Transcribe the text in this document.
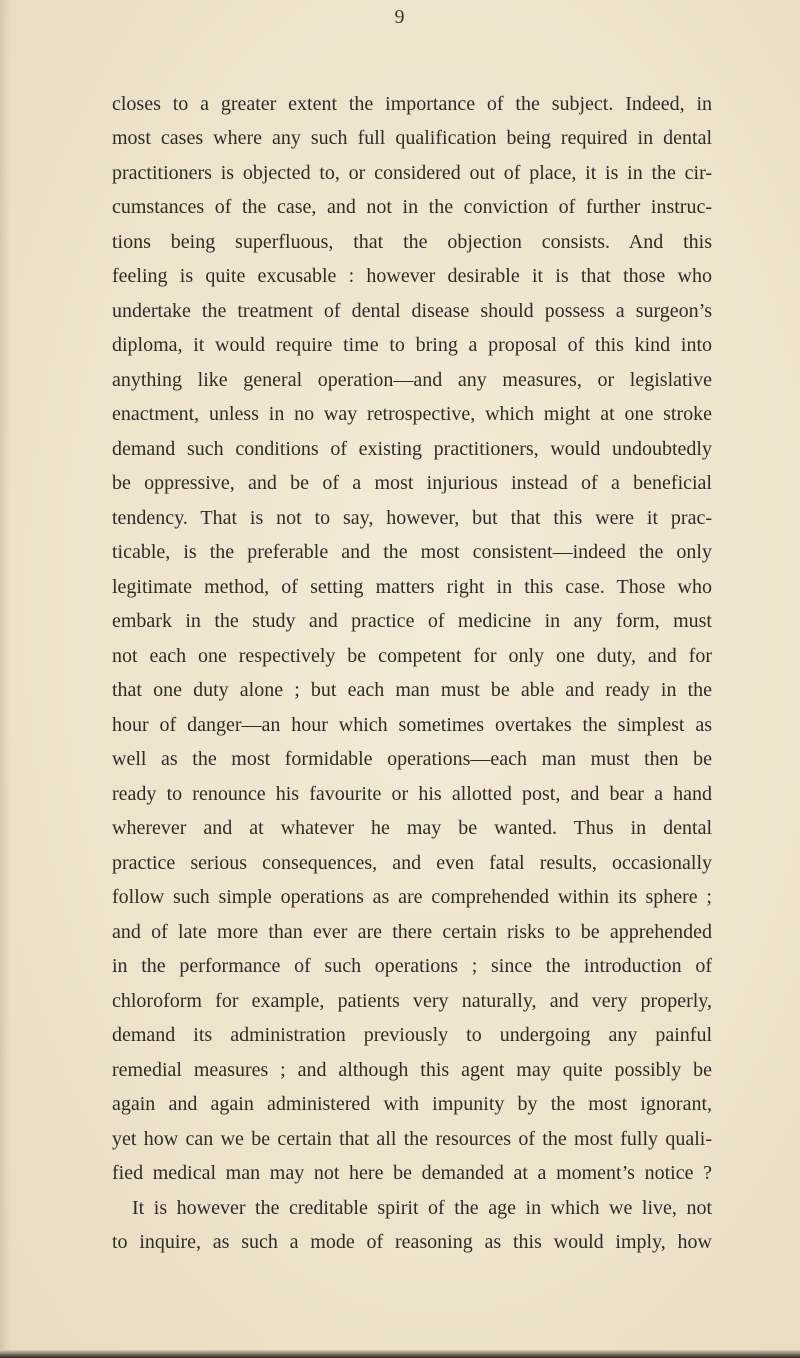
9
closes to a greater extent the importance of the subject. Indeed, in
most cases where any such full qualification being required in dental
practitioners is objected to, or considered out of place, it is in the cir-
cumstances of the case, and not in the conviction of further instruc-
tions being superfluous, that the objection consists. And this
feeling is quite excusable : however desirable it is that those who
undertake the treatment of dental disease should possess a surgeon’s
diploma, it would require time to bring a proposal of this kind into
anything like general operation—and any measures, or legislative
enactment, unless in no way retrospective, which might at one stroke
demand such conditions of existing practitioners, would undoubtedly
be oppressive, and be of a most injurious instead of a beneficial
tendency. That is not to say, however, but that this were it prac-
ticable, is the preferable and the most consistent—indeed the only
legitimate method, of setting matters right in this case. Those who
embark in the study and practice of medicine in any form, must
not each one respectively be competent for only one duty, and for
that one duty alone ; but each man must be able and ready in the
hour of danger—an hour which sometimes overtakes the simplest as
well as the most formidable operations—each man must then be
ready to renounce his favourite or his allotted post, and bear a hand
wherever and at whatever he may be wanted. Thus in dental
practice serious consequences, and even fatal results, occasionally
follow such simple operations as are comprehended within its sphere ;
and of late more than ever are there certain risks to be apprehended
in the performance of such operations ; since the introduction of
chloroform for example, patients very naturally, and very properly,
demand its administration previously to undergoing any painful
remedial measures ; and although this agent may quite possibly be
again and again administered with impunity by the most ignorant,
yet how can we be certain that all the resources of the most fully quali-
fied medical man may not here be demanded at a moment’s notice ?
It is however the creditable spirit of the age in which we live, not
to inquire, as such a mode of reasoning as this would imply, how
